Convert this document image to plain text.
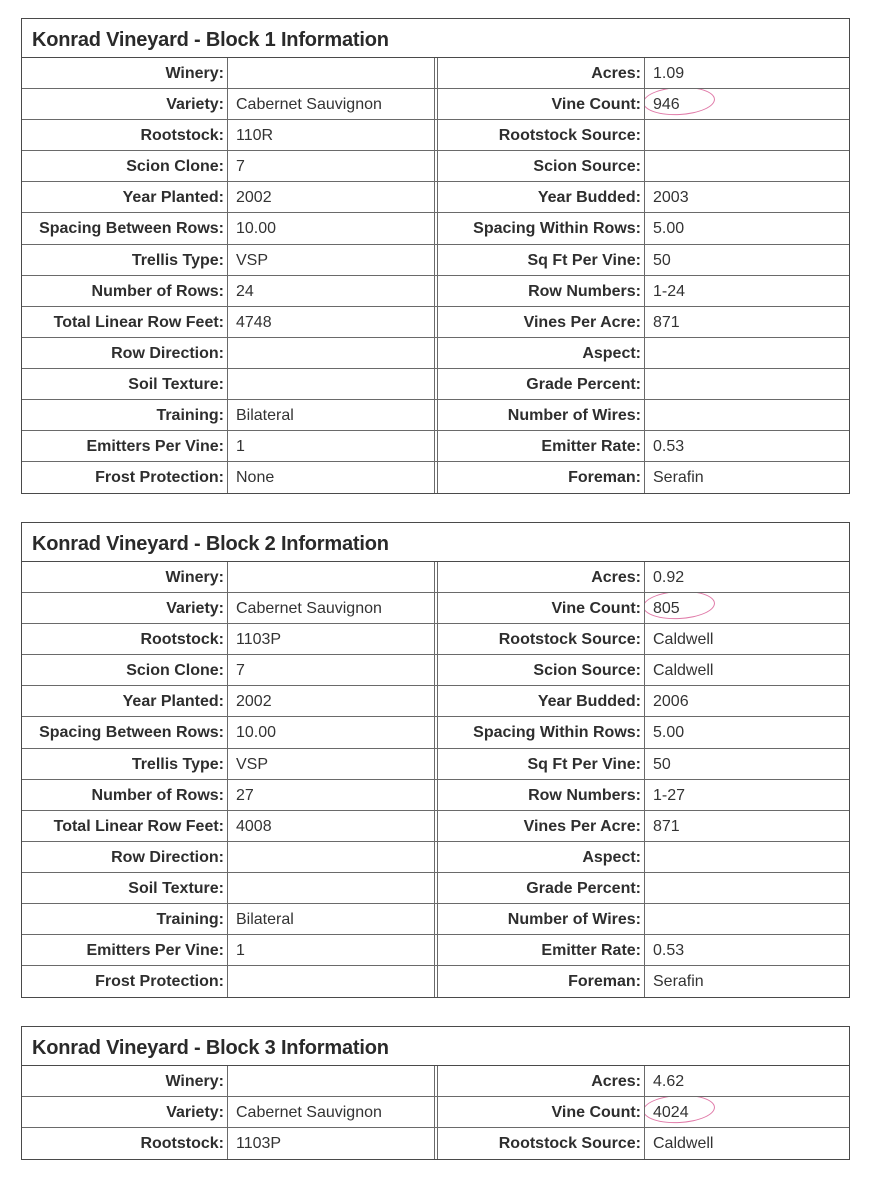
Konrad Vineyard - Block 1 Information
Winery:	Acres: 1.09
Variety: Cabernet Sauvignon	Vine Count: 946
Rootstock: 110R	Rootstock Source:
Scion Clone: 7	Scion Source:
Year Planted: 2002	Year Budded: 2003
Spacing Between Rows: 10.00	Spacing Within Rows: 5.00
Trellis Type: VSP	Sq Ft Per Vine: 50
Number of Rows: 24	Row Numbers: 1-24
Total Linear Row Feet: 4748	Vines Per Acre: 871
Row Direction:	Aspect:
Soil Texture:	Grade Percent:
Training: Bilateral	Number of Wires:
Emitters Per Vine: 1	Emitter Rate: 0.53
Frost Protection: None	Foreman: Serafin
Konrad Vineyard - Block 2 Information
Winery:	Acres: 0.92
Variety: Cabernet Sauvignon	Vine Count: 805
Rootstock: 1103P	Rootstock Source: Caldwell
Scion Clone: 7	Scion Source: Caldwell
Year Planted: 2002	Year Budded: 2006
Spacing Between Rows: 10.00	Spacing Within Rows: 5.00
Trellis Type: VSP	Sq Ft Per Vine: 50
Number of Rows: 27	Row Numbers: 1-27
Total Linear Row Feet: 4008	Vines Per Acre: 871
Row Direction:	Aspect:
Soil Texture:	Grade Percent:
Training: Bilateral	Number of Wires:
Emitters Per Vine: 1	Emitter Rate: 0.53
Frost Protection:	Foreman: Serafin
Konrad Vineyard - Block 3 Information
Winery:	Acres: 4.62
Variety: Cabernet Sauvignon	Vine Count: 4024
Rootstock: 1103P	Rootstock Source: Caldwell
